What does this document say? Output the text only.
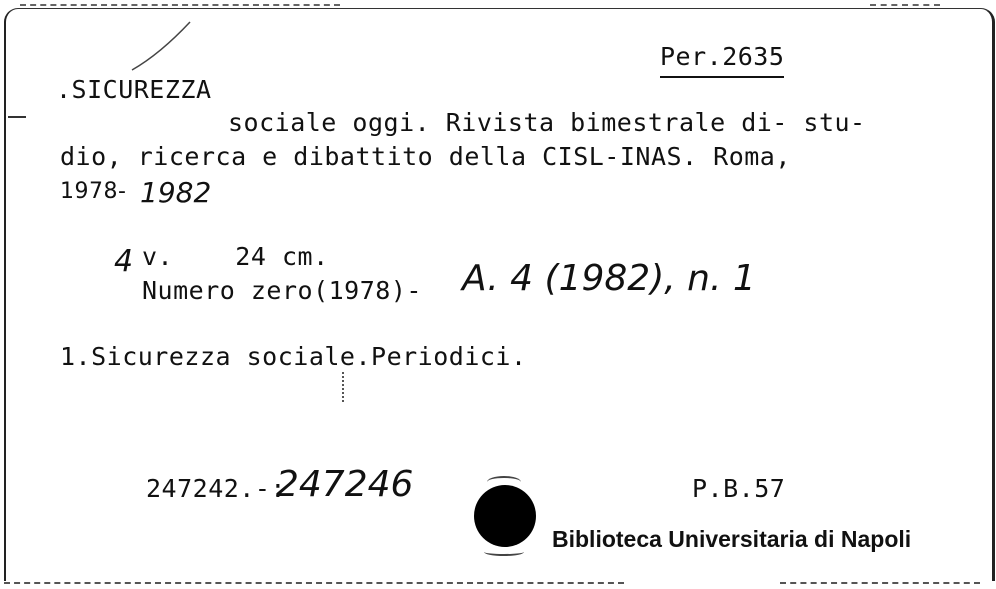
Per.2635
.SICUREZZA
sociale oggi. Rivista bimestrale di- stu-
dio, ricerca e dibattito della CISL-INAS. Roma,
1978- 1982
4 v.    24 cm.
Numero zero(1978)- A. 4 (1982), n. 1
1.Sicurezza sociale.Periodici.
247242.-:
247246	P.B.57
Biblioteca Universitaria di Napoli
